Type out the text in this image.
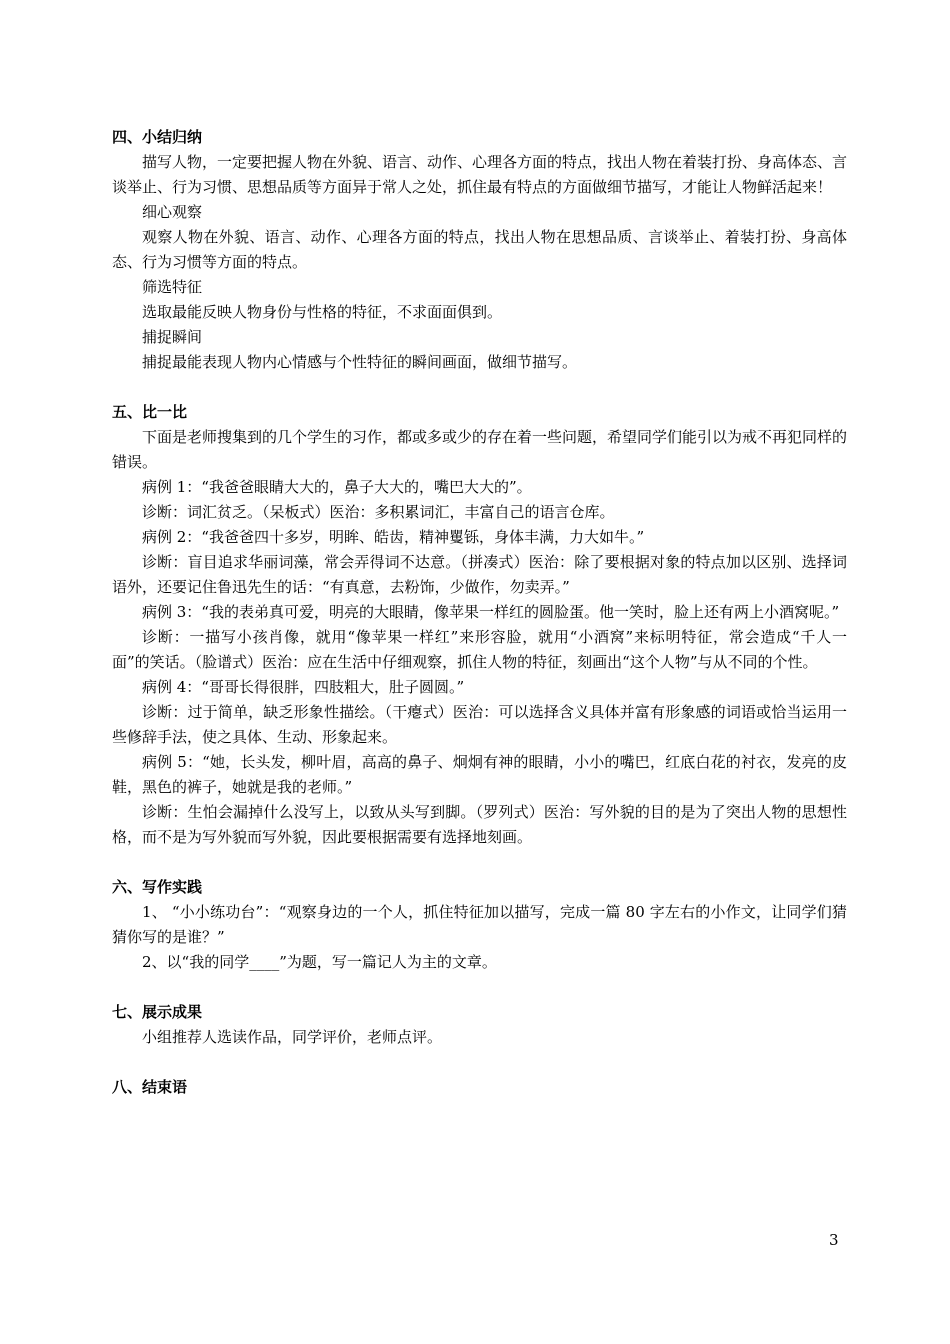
四、小结归纳

描写人物，一定要把握人物在外貌、语言、动作、心理各方面的特点，找出人物在着装打扮、身高体态、言谈举止、行为习惯、思想品质等方面异于常人之处，抓住最有特点的方面做细节描写，才能让人物鲜活起来！

细心观察

观察人物在外貌、语言、动作、心理各方面的特点，找出人物在思想品质、言谈举止、着装打扮、身高体态、行为习惯等方面的特点。

筛选特征

选取最能反映人物身份与性格的特征，不求面面俱到。

捕捉瞬间

捕捉最能表现人物内心情感与个性特征的瞬间画面，做细节描写。

五、比一比

下面是老师搜集到的几个学生的习作，都或多或少的存在着一些问题，希望同学们能引以为戒不再犯同样的错误。

病例 1：“我爸爸眼睛大大的，鼻子大大的，嘴巴大大的”。

诊断：词汇贫乏。（呆板式）医治：多积累词汇，丰富自己的语言仓库。

病例 2：“我爸爸四十多岁，明眸、皓齿，精神矍铄，身体丰满，力大如牛。”

诊断：盲目追求华丽词藻，常会弄得词不达意。（拼凑式）医治：除了要根据对象的特点加以区别、选择词语外，还要记住鲁迅先生的话：“有真意，去粉饰，少做作，勿卖弄。”

病例 3：“我的表弟真可爱，明亮的大眼睛，像苹果一样红的圆脸蛋。他一笑时，脸上还有两上小酒窝呢。”

诊断：一描写小孩肖像，就用“像苹果一样红”来形容脸，就用“小酒窝”来标明特征，常会造成“千人一面”的笑话。（脸谱式）医治：应在生活中仔细观察，抓住人物的特征，刻画出“这个人物”与从不同的个性。

病例 4：“哥哥长得很胖，四肢粗大，肚子圆圆。”

诊断：过于简单，缺乏形象性描绘。（干瘪式）医治：可以选择含义具体并富有形象感的词语或恰当运用一些修辞手法，使之具体、生动、形象起来。

病例 5：“她，长头发，柳叶眉，高高的鼻子、炯炯有神的眼睛，小小的嘴巴，红底白花的衬衣，发亮的皮鞋，黑色的裤子，她就是我的老师。”

诊断：生怕会漏掉什么没写上，以致从头写到脚。（罗列式）医治：写外貌的目的是为了突出人物的思想性格，而不是为写外貌而写外貌，因此要根据需要有选择地刻画。

六、写作实践

1、 “小小练功台”：“观察身边的一个人，抓住特征加以描写，完成一篇 80 字左右的小作文，让同学们猜猜你写的是谁？”

2、以“我的同学____”为题，写一篇记人为主的文章。

七、展示成果

小组推荐人选读作品，同学评价，老师点评。

八、结束语
3
